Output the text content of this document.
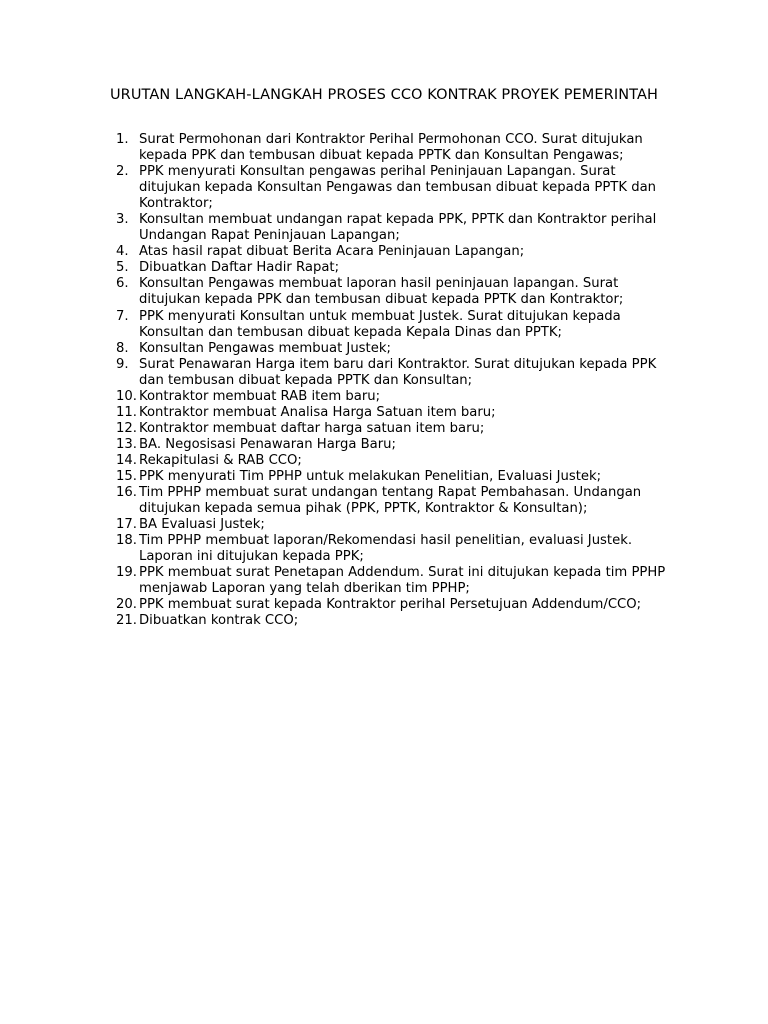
URUTAN LANGKAH-LANGKAH PROSES CCO KONTRAK PROYEK PEMERINTAH
1. Surat Permohonan dari Kontraktor Perihal Permohonan CCO. Surat ditujukan kepada PPK dan tembusan dibuat kepada PPTK dan Konsultan Pengawas;
2. PPK menyurati Konsultan pengawas perihal Peninjauan Lapangan. Surat ditujukan kepada Konsultan Pengawas dan tembusan dibuat kepada PPTK dan Kontraktor;
3. Konsultan membuat undangan rapat kepada PPK, PPTK dan Kontraktor perihal Undangan Rapat Peninjauan Lapangan;
4. Atas hasil rapat dibuat Berita Acara Peninjauan Lapangan;
5. Dibuatkan Daftar Hadir Rapat;
6. Konsultan Pengawas membuat laporan hasil peninjauan lapangan. Surat ditujukan kepada PPK dan tembusan dibuat kepada PPTK dan Kontraktor;
7. PPK menyurati Konsultan untuk membuat Justek. Surat ditujukan kepada Konsultan dan tembusan dibuat kepada Kepala Dinas dan PPTK;
8. Konsultan Pengawas membuat Justek;
9. Surat Penawaran Harga item baru dari Kontraktor. Surat ditujukan kepada PPK dan tembusan dibuat kepada PPTK dan Konsultan;
10. Kontraktor membuat RAB item baru;
11. Kontraktor membuat Analisa Harga Satuan item baru;
12. Kontraktor membuat daftar harga satuan item baru;
13. BA. Negosisasi Penawaran Harga Baru;
14. Rekapitulasi & RAB CCO;
15. PPK menyurati Tim PPHP untuk melakukan Penelitian, Evaluasi Justek;
16. Tim PPHP membuat surat undangan tentang Rapat Pembahasan. Undangan ditujukan kepada semua pihak (PPK, PPTK, Kontraktor & Konsultan);
17. BA Evaluasi Justek;
18. Tim PPHP membuat laporan/Rekomendasi hasil penelitian, evaluasi Justek. Laporan ini ditujukan kepada PPK;
19. PPK membuat surat Penetapan Addendum. Surat ini ditujukan kepada tim PPHP menjawab Laporan yang telah dberikan tim PPHP;
20. PPK membuat surat kepada Kontraktor perihal Persetujuan Addendum/CCO;
21. Dibuatkan kontrak CCO;
